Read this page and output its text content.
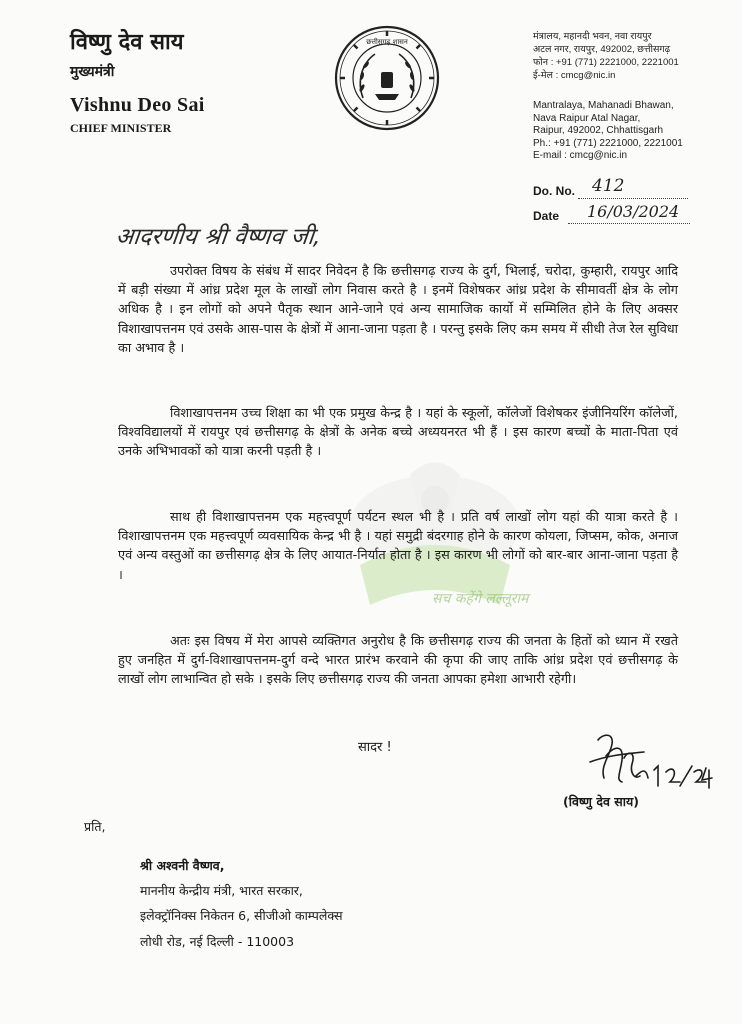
विष्णु देव साय
मुख्यमंत्री
Vishnu Deo Sai
CHIEF MINISTER
छत्तीसगढ़ शासन	मंत्रालय, महानदी भवन, नवा रायपुर
अटल नगर, रायपुर, 492002, छत्तीसगढ़
फोन : +91 (771) 2221000, 2221001
ई-मेल : cmcg@nic.in
Mantralaya, Mahanadi Bhawan,
Nava Raipur Atal Nagar,
Raipur, 492002, Chhattisgarh
Ph.: +91 (771) 2221000, 2221001
E-mail : cmcg@nic.in
Do. No. 412
Date 16/03/2024
आदरणीय श्री वैष्णव जी,
सच कहेंगे लल्लूराम
उपरोक्त विषय के संबंध में सादर निवेदन है कि छत्तीसगढ़ राज्य के दुर्ग, भिलाई, चरोदा, कुम्हारी, रायपुर आदि में बड़ी संख्या में आंध्र प्रदेश मूल के लाखों लोग निवास करते है । इनमें विशेषकर आंध्र प्रदेश के सीमावर्ती क्षेत्र के लोग अधिक है । इन लोगों को अपने पैतृक स्थान आने-जाने एवं अन्य सामाजिक कार्यो में सम्मिलित होने के लिए अक्सर विशाखापत्तनम एवं उसके आस-पास के क्षेत्रों में आना-जाना पड़ता है । परन्तु इसके लिए कम समय में सीधी तेज रेल सुविधा का अभाव है ।
विशाखापत्तनम उच्च शिक्षा का भी एक प्रमुख केन्द्र है । यहां के स्कूलों, कॉलेजों विशेषकर इंजीनियरिंग कॉलेजों, विश्वविद्यालयों में रायपुर एवं छत्तीसगढ़ के क्षेत्रों के अनेक बच्चे अध्ययनरत भी हैं । इस कारण बच्चों के माता-पिता एवं उनके अभिभावकों को यात्रा करनी पड़ती है ।
साथ ही विशाखापत्तनम एक महत्त्वपूर्ण पर्यटन स्थल भी है । प्रति वर्ष लाखों लोग यहां की यात्रा करते है । विशाखापत्तनम एक महत्त्वपूर्ण व्यवसायिक केन्द्र भी है । यहां समुद्री बंदरगाह होने के कारण कोयला, जिप्सम, कोक, अनाज एवं अन्य वस्तुओं का छत्तीसगढ़ क्षेत्र के लिए आयात-निर्यात होता है । इस कारण भी लोगों को बार-बार आना-जाना पड़ता है ।
अतः इस विषय में मेरा आपसे व्यक्तिगत अनुरोध है कि छत्तीसगढ़ राज्य की जनता के हितों को ध्यान में रखते हुए जनहित में दुर्ग-विशाखापत्तनम-दुर्ग वन्दे भारत प्रारंभ करवाने की कृपा की जाए ताकि आंध्र प्रदेश एवं छत्तीसगढ़ के लाखों लोग लाभान्वित हो सके । इसके लिए छत्तीसगढ़ राज्य की जनता आपका हमेशा आभारी रहेगी।
सादर !
(विष्णु देव साय)
प्रति,
श्री अश्वनी वैष्णव,
माननीय केन्द्रीय मंत्री, भारत सरकार,
इलेक्ट्रॉनिक्स निकेतन 6, सीजीओ काम्पलेक्स
लोधी रोड, नई दिल्ली - 110003
